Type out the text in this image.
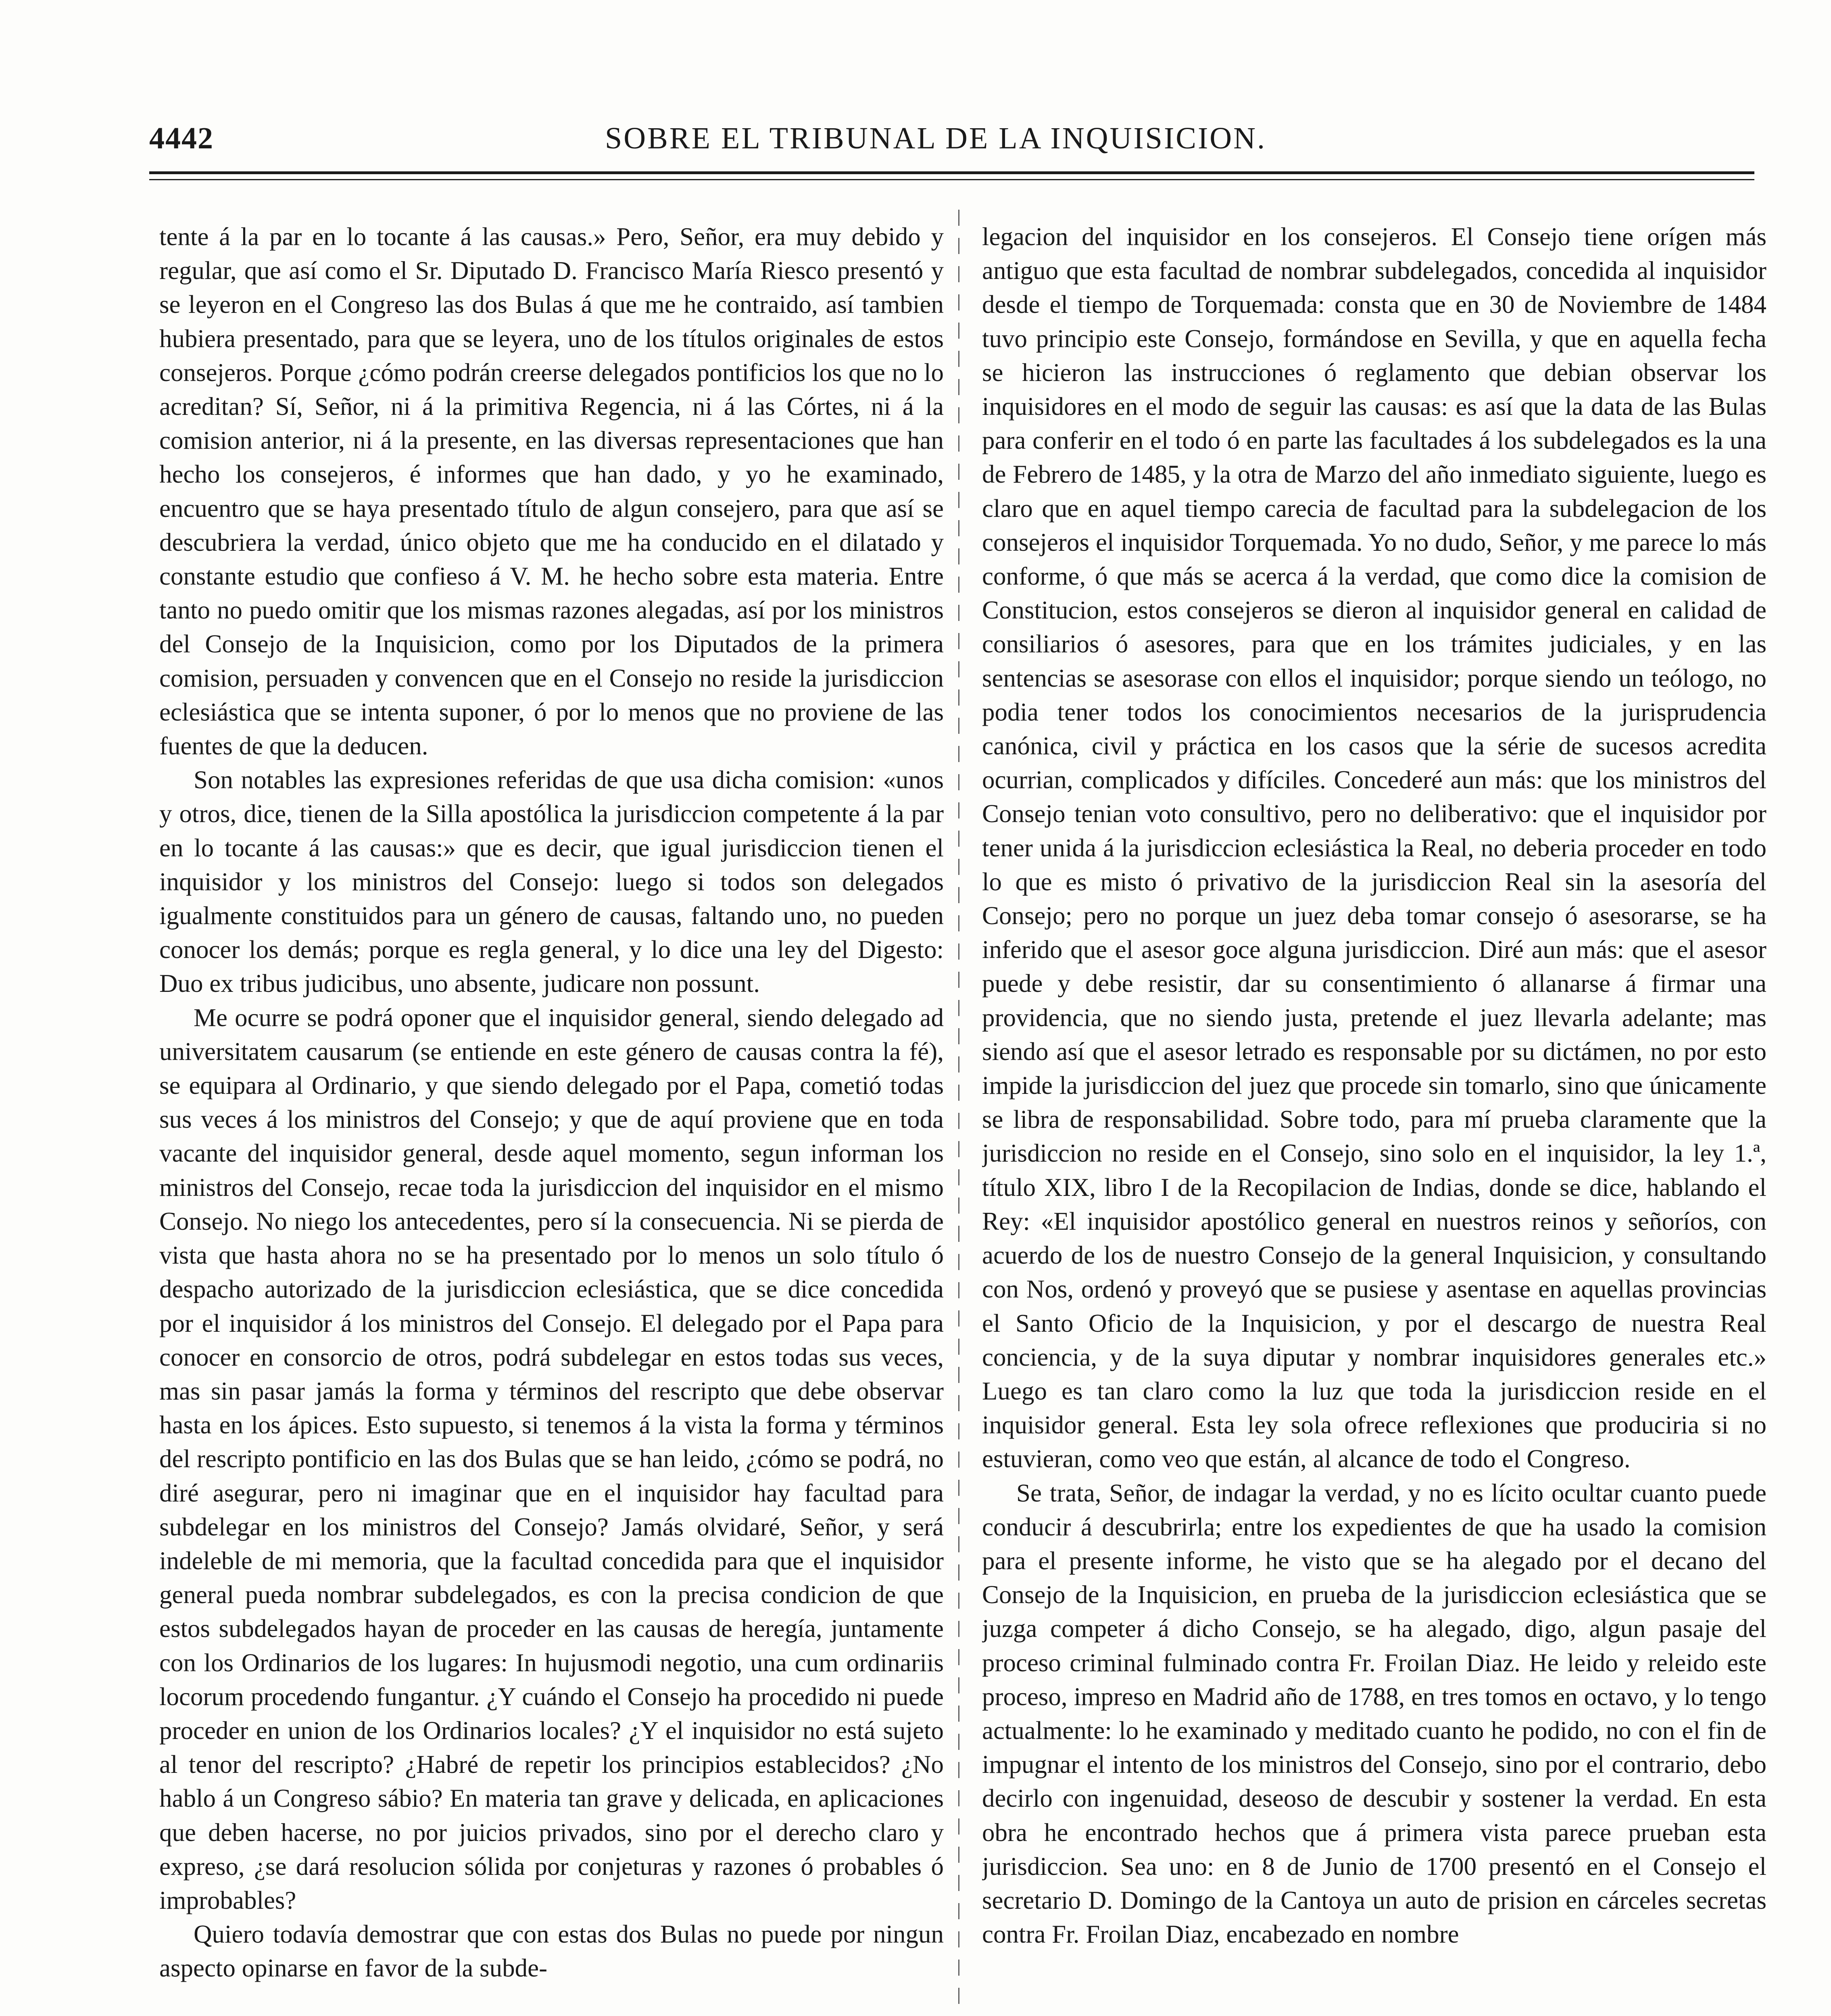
4442	SOBRE EL TRIBUNAL DE LA INQUISICION.

tente á la par en lo tocante á las causas.» Pero, Señor, era muy debido y regular, que así como el Sr. Diputado D. Francisco María Riesco presentó y se leyeron en el Congreso las dos Bulas á que me he contraido, así tambien hubiera presentado, para que se leyera, uno de los títulos originales de estos consejeros. Porque ¿cómo podrán creerse delegados pontificios los que no lo acreditan? Sí, Señor, ni á la primitiva Regencia, ni á las Córtes, ni á la comision anterior, ni á la presente, en las diversas representaciones que han hecho los consejeros, é informes que han dado, y yo he examinado, encuentro que se haya presentado título de algun consejero, para que así se descubriera la verdad, único objeto que me ha conducido en el dilatado y constante estudio que confieso á V. M. he hecho sobre esta materia. Entre tanto no puedo omitir que los mismas razones alegadas, así por los ministros del Consejo de la Inquisicion, como por los Diputados de la primera comision, persuaden y convencen que en el Consejo no reside la jurisdiccion eclesiástica que se intenta suponer, ó por lo menos que no proviene de las fuentes de que la deducen.

Son notables las expresiones referidas de que usa dicha comision: «unos y otros, dice, tienen de la Silla apostólica la jurisdiccion competente á la par en lo tocante á las causas:» que es decir, que igual jurisdiccion tienen el inquisidor y los ministros del Consejo: luego si todos son delegados igualmente constituidos para un género de causas, faltando uno, no pueden conocer los demás; porque es regla general, y lo dice una ley del Digesto: Duo ex tribus judicibus, uno absente, judicare non possunt.

Me ocurre se podrá oponer que el inquisidor general, siendo delegado ad universitatem causarum (se entiende en este género de causas contra la fé), se equipara al Ordinario, y que siendo delegado por el Papa, cometió todas sus veces á los ministros del Consejo; y que de aquí proviene que en toda vacante del inquisidor general, desde aquel momento, segun informan los ministros del Consejo, recae toda la jurisdiccion del inquisidor en el mismo Consejo. No niego los antecedentes, pero sí la consecuencia. Ni se pierda de vista que hasta ahora no se ha presentado por lo menos un solo título ó despacho autorizado de la jurisdiccion eclesiástica, que se dice concedida por el inquisidor á los ministros del Consejo. El delegado por el Papa para conocer en consorcio de otros, podrá subdelegar en estos todas sus veces, mas sin pasar jamás la forma y términos del rescripto que debe observar hasta en los ápices. Esto supuesto, si tenemos á la vista la forma y términos del rescripto pontificio en las dos Bulas que se han leido, ¿cómo se podrá, no diré asegurar, pero ni imaginar que en el inquisidor hay facultad para subdelegar en los ministros del Consejo? Jamás olvidaré, Señor, y será indeleble de mi memoria, que la facultad concedida para que el inquisidor general pueda nombrar subdelegados, es con la precisa condicion de que estos subdelegados hayan de proceder en las causas de heregía, juntamente con los Ordinarios de los lugares: In hujusmodi negotio, una cum ordinariis locorum procedendo fungantur. ¿Y cuándo el Consejo ha procedido ni puede proceder en union de los Ordinarios locales? ¿Y el inquisidor no está sujeto al tenor del rescripto? ¿Habré de repetir los principios establecidos? ¿No hablo á un Congreso sábio? En materia tan grave y delicada, en aplicaciones que deben hacerse, no por juicios privados, sino por el derecho claro y expreso, ¿se dará resolucion sólida por conjeturas y razones ó probables ó improbables?

Quiero todavía demostrar que con estas dos Bulas no puede por ningun aspecto opinarse en favor de la subde-

legacion del inquisidor en los consejeros. El Consejo tiene orígen más antiguo que esta facultad de nombrar subdelegados, concedida al inquisidor desde el tiempo de Torquemada: consta que en 30 de Noviembre de 1484 tuvo principio este Consejo, formándose en Sevilla, y que en aquella fecha se hicieron las instrucciones ó reglamento que debian observar los inquisidores en el modo de seguir las causas: es así que la data de las Bulas para conferir en el todo ó en parte las facultades á los subdelegados es la una de Febrero de 1485, y la otra de Marzo del año inmediato siguiente, luego es claro que en aquel tiempo carecia de facultad para la subdelegacion de los consejeros el inquisidor Torquemada. Yo no dudo, Señor, y me parece lo más conforme, ó que más se acerca á la verdad, que como dice la comision de Constitucion, estos consejeros se dieron al inquisidor general en calidad de consiliarios ó asesores, para que en los trámites judiciales, y en las sentencias se asesorase con ellos el inquisidor; porque siendo un teólogo, no podia tener todos los conocimientos necesarios de la jurisprudencia canónica, civil y práctica en los casos que la série de sucesos acredita ocurrian, complicados y difíciles. Concederé aun más: que los ministros del Consejo tenian voto consultivo, pero no deliberativo: que el inquisidor por tener unida á la jurisdiccion eclesiástica la Real, no deberia proceder en todo lo que es misto ó privativo de la jurisdiccion Real sin la asesoría del Consejo; pero no porque un juez deba tomar consejo ó asesorarse, se ha inferido que el asesor goce alguna jurisdiccion. Diré aun más: que el asesor puede y debe resistir, dar su consentimiento ó allanarse á firmar una providencia, que no siendo justa, pretende el juez llevarla adelante; mas siendo así que el asesor letrado es responsable por su dictámen, no por esto impide la jurisdiccion del juez que procede sin tomarlo, sino que únicamente se libra de responsabilidad. Sobre todo, para mí prueba claramente que la jurisdiccion no reside en el Consejo, sino solo en el inquisidor, la ley 1.ª, título XIX, libro I de la Recopilacion de Indias, donde se dice, hablando el Rey: «El inquisidor apostólico general en nuestros reinos y señoríos, con acuerdo de los de nuestro Consejo de la general Inquisicion, y consultando con Nos, ordenó y proveyó que se pusiese y asentase en aquellas provincias el Santo Oficio de la Inquisicion, y por el descargo de nuestra Real conciencia, y de la suya diputar y nombrar inquisidores generales etc.» Luego es tan claro como la luz que toda la jurisdiccion reside en el inquisidor general. Esta ley sola ofrece reflexiones que produciria si no estuvieran, como veo que están, al alcance de todo el Congreso.

Se trata, Señor, de indagar la verdad, y no es lícito ocultar cuanto puede conducir á descubrirla; entre los expedientes de que ha usado la comision para el presente informe, he visto que se ha alegado por el decano del Consejo de la Inquisicion, en prueba de la jurisdiccion eclesiástica que se juzga competer á dicho Consejo, se ha alegado, digo, algun pasaje del proceso criminal fulminado contra Fr. Froilan Diaz. He leido y releido este proceso, impreso en Madrid año de 1788, en tres tomos en octavo, y lo tengo actualmente: lo he examinado y meditado cuanto he podido, no con el fin de impugnar el intento de los ministros del Consejo, sino por el contrario, debo decirlo con ingenuidad, deseoso de descubir y sostener la verdad. En esta obra he encontrado hechos que á primera vista parece prueban esta jurisdiccion. Sea uno: en 8 de Junio de 1700 presentó en el Consejo el secretario D. Domingo de la Cantoya un auto de prision en cárceles secretas contra Fr. Froilan Diaz, encabezado en nombre
